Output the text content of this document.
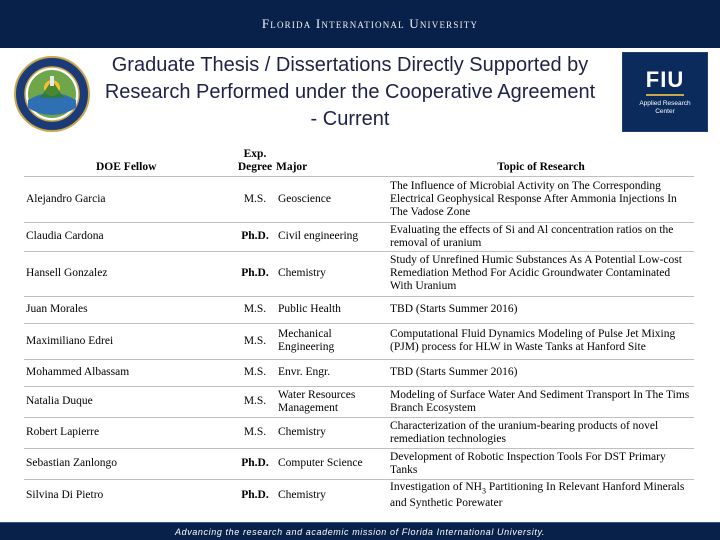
Florida International University
Graduate Thesis / Dissertations Directly Supported by Research Performed under the Cooperative Agreement - Current
FIU
Applied Research Center
DOE Fellow	Exp. Degree	Major	Topic of Research
Alejandro Garcia	M.S.	Geoscience	The Influence of Microbial Activity on The Corresponding Electrical Geophysical Response After Ammonia Injections In The Vadose Zone
Claudia Cardona	Ph.D.	Civil engineering	Evaluating the effects of Si and Al concentration ratios on the removal of uranium
Hansell Gonzalez	Ph.D.	Chemistry	Study of Unrefined Humic Substances As A Potential Low-cost Remediation Method For Acidic Groundwater Contaminated With Uranium
Juan Morales	M.S.	Public Health	TBD (Starts Summer 2016)
Maximiliano Edrei	M.S.	Mechanical Engineering	Computational Fluid Dynamics Modeling of Pulse Jet Mixing (PJM) process for HLW in Waste Tanks at Hanford Site
Mohammed Albassam	M.S.	Envr. Engr.	TBD (Starts Summer 2016)
Natalia Duque	M.S.	Water Resources Management	Modeling of Surface Water And Sediment Transport In The Tims Branch Ecosystem
Robert Lapierre	M.S.	Chemistry	Characterization of the uranium-bearing products of novel remediation technologies
Sebastian Zanlongo	Ph.D.	Computer Science	Development of Robotic Inspection Tools For DST Primary Tanks
Silvina Di Pietro	Ph.D.	Chemistry	Investigation of $NH_3$ Partitioning In Relevant Hanford Minerals and Synthetic Porewater
Advancing the research and academic mission of Florida International University.
